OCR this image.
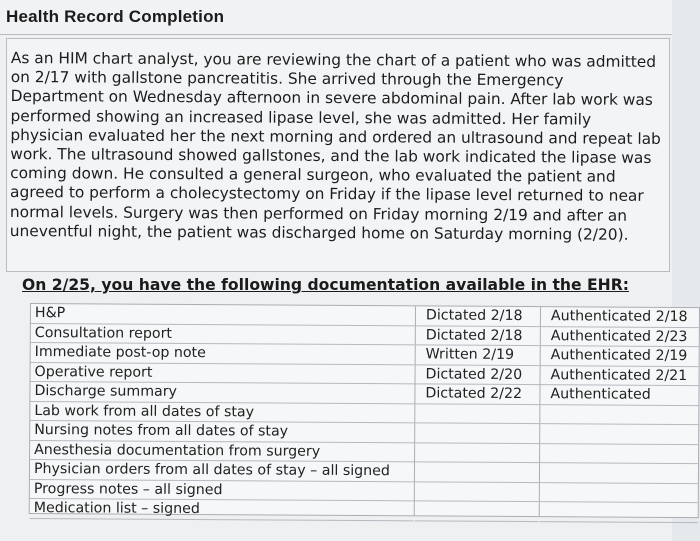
Health Record Completion

As an HIM chart analyst, you are reviewing the chart of a patient who was admitted
on 2/17 with gallstone pancreatitis. She arrived through the Emergency
Department on Wednesday afternoon in severe abdominal pain. After lab work was
performed showing an increased lipase level, she was admitted. Her family
physician evaluated her the next morning and ordered an ultrasound and repeat lab
work. The ultrasound showed gallstones, and the lab work indicated the lipase was
coming down. He consulted a general surgeon, who evaluated the patient and
agreed to perform a cholecystectomy on Friday if the lipase level returned to near
normal levels. Surgery was then performed on Friday morning 2/19 and after an
uneventful night, the patient was discharged home on Saturday morning (2/20).

On 2/25, you have the following documentation available in the EHR:
H&P
Consultation report
Immediate post-op note
Operative report
Discharge summary
Lab work from all dates of stay
Nursing notes from all dates of stay
Anesthesia documentation from surgery
Physician orders from all dates of stay – all signed
Progress notes – all signed
Medication list – signed
Dictated 2/18
Dictated 2/18
Written 2/19
Dictated 2/20
Dictated 2/22

Authenticated 2/18
Authenticated 2/23
Authenticated 2/19
Authenticated 2/21
Authenticated
